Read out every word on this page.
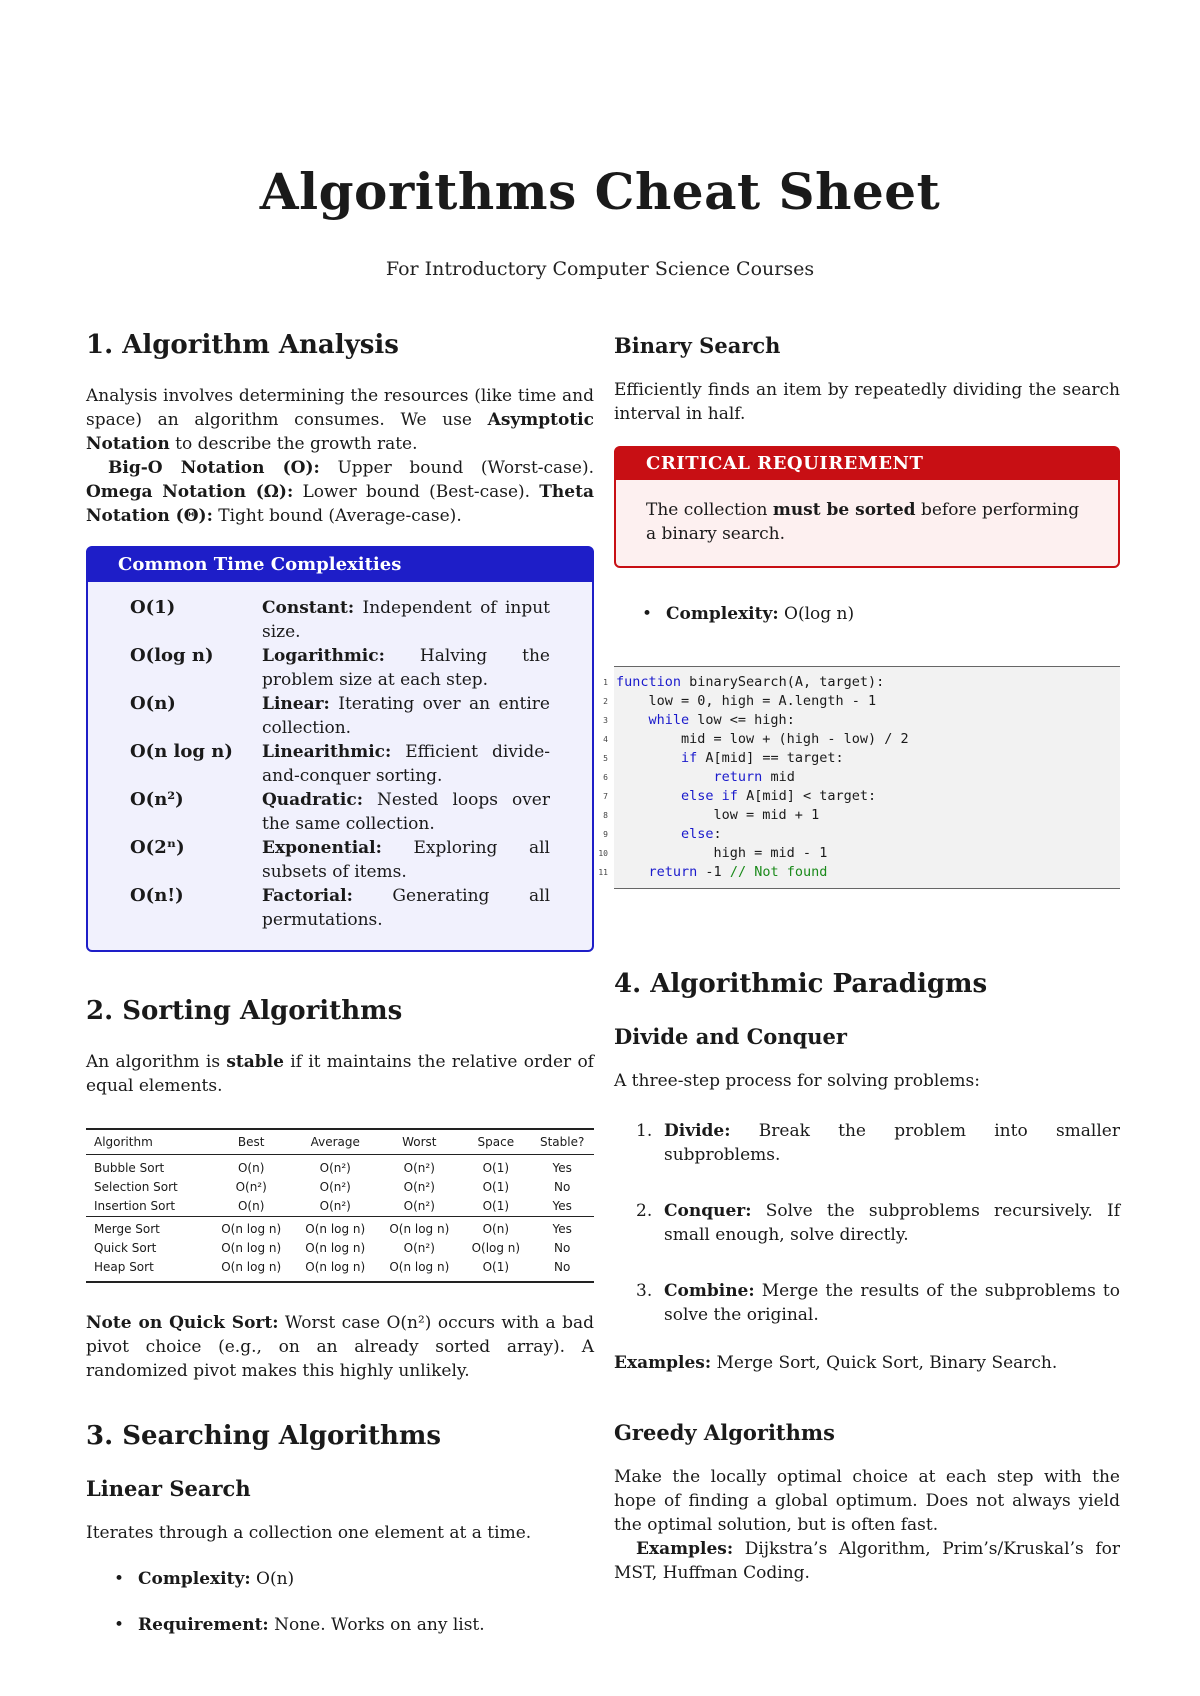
Algorithms Cheat Sheet
For Introductory Computer Science Courses
1. Algorithm Analysis

Analysis involves determining the resources (like time and space) an algorithm consumes. We use Asymptotic Notation to describe the growth rate.

Big-O Notation (O): Upper bound (Worst-case). Omega Notation (Ω): Lower bound (Best-case). Theta Notation (Θ): Tight bound (Average-case).

Common Time Complexities
O(1)	Constant: Independent of input size.
O(log n)	Logarithmic: Halving the problem size at each step.
O(n)	Linear: Iterating over an entire collection.
O(n log n)	Linearithmic: Efficient divide-and-conquer sorting.
O(n²)	Quadratic: Nested loops over the same collection.
O(2ⁿ)	Exponential: Exploring all subsets of items.
O(n!)	Factorial: Generating all permutations.
2. Sorting Algorithms

An algorithm is stable if it maintains the relative order of equal elements.

Algorithm	Best	Average	Worst	Space	Stable?
Bubble Sort	O(n)	O(n²)	O(n²)	O(1)	Yes
Selection Sort	O(n²)	O(n²)	O(n²)	O(1)	No
Insertion Sort	O(n)	O(n²)	O(n²)	O(1)	Yes
Merge Sort	O(n log n)	O(n log n)	O(n log n)	O(n)	Yes
Quick Sort	O(n log n)	O(n log n)	O(n²)	O(log n)	No
Heap Sort	O(n log n)	O(n log n)	O(n log n)	O(1)	No

Note on Quick Sort: Worst case O(n²) occurs with a bad pivot choice (e.g., on an already sorted array). A randomized pivot makes this highly unlikely.

3. Searching Algorithms
Linear Search

Iterates through a collection one element at a time.

• Complexity: O(n)
• Requirement: None. Works on any list.
Binary Search

Efficiently finds an item by repeatedly dividing the search interval in half.

CRITICAL REQUIREMENT
The collection must be sorted before performing a binary search.
• Complexity: O(log n)
1 function binarySearch(A, target):
2 low = 0, high = A.length - 1
3	while low <= high:
4 mid = low + (high - low) / 2
5	if A[mid] == target:
6	return mid
7	else if A[mid] < target:
8 low = mid + 1
9	else:
10 high = mid - 1
11	return -1 // Not found
4. Algorithmic Paradigms
Divide and Conquer

A three-step process for solving problems:

1. Divide: Break the problem into smaller subproblems.
2. Conquer: Solve the subproblems recursively. If small enough, solve directly.
3. Combine: Merge the results of the subproblems to solve the original.

Examples: Merge Sort, Quick Sort, Binary Search.

Greedy Algorithms

Make the locally optimal choice at each step with the hope of finding a global optimum. Does not always yield the optimal solution, but is often fast.

Examples: Dijkstra’s Algorithm, Prim’s/Kruskal’s for MST, Huffman Coding.
